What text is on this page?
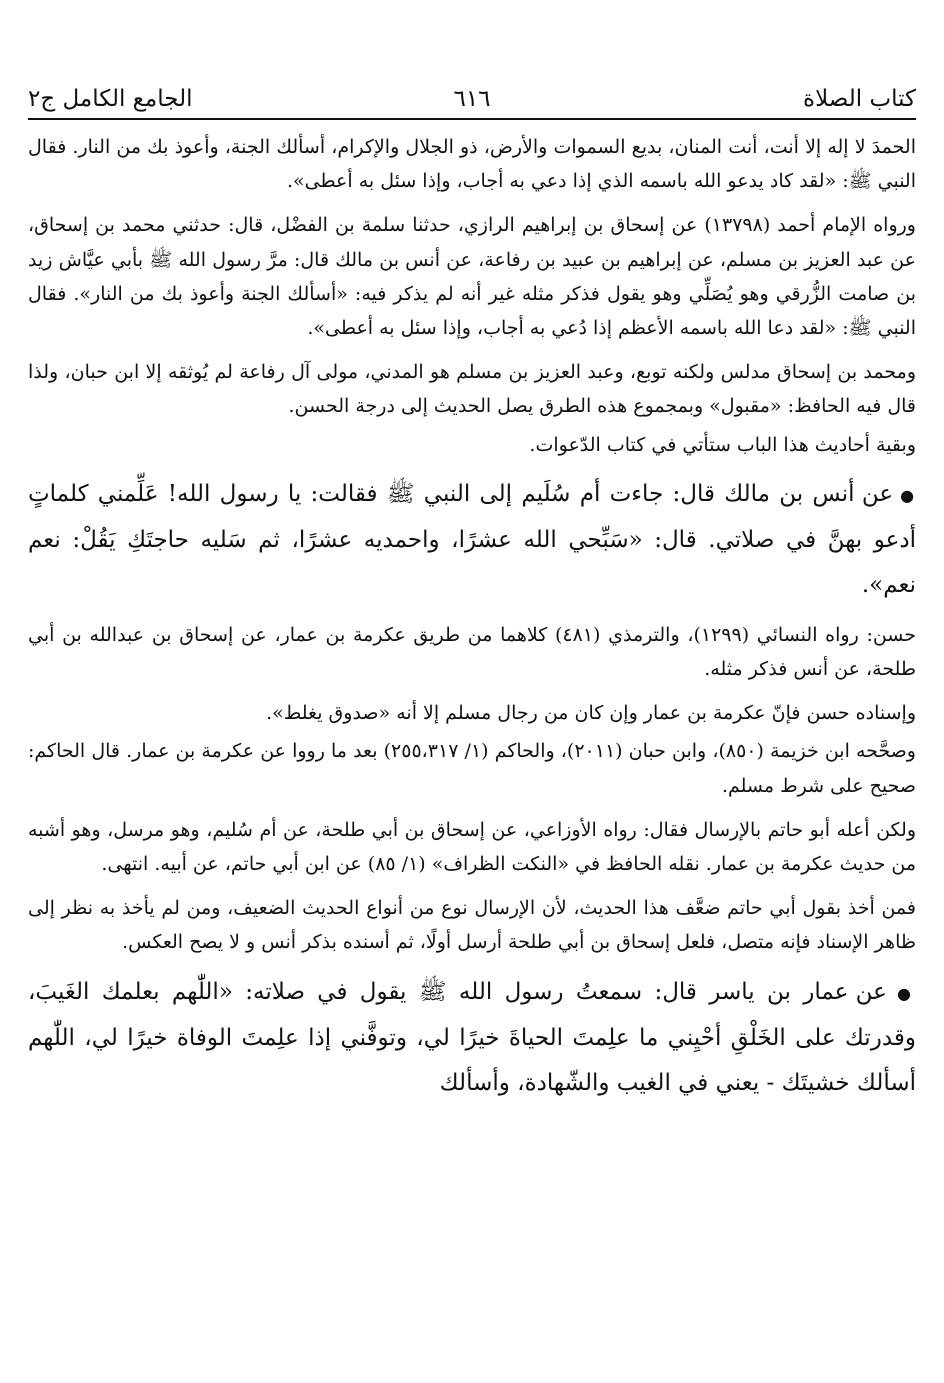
كتاب الصلاة
٦١٦
الجامع الكامل ج٢

الحمدَ لا إله إلا أنت، أنت المنان، بديع السموات والأرض، ذو الجلال والإكرام، أسألك الجنة، وأعوذ بك من النار. فقال النبي ﷺ: «لقد كاد يدعو الله باسمه الذي إذا دعي به أجاب، وإذا سئل به أعطى».

ورواه الإمام أحمد (١٣٧٩٨) عن إسحاق بن إبراهيم الرازي، حدثنا سلمة بن الفضْل، قال: حدثني محمد بن إسحاق، عن عبد العزيز بن مسلم، عن إبراهيم بن عبيد بن رفاعة، عن أنس بن مالك قال: مرَّ رسول الله ﷺ بأبي عيَّاش زيد بن صامت الزُّرقي وهو يُصَلِّي وهو يقول فذكر مثله غير أنه لم يذكر فيه: «أسألك الجنة وأعوذ بك من النار». فقال النبي ﷺ: «لقد دعا الله باسمه الأعظم إذا دُعي به أجاب، وإذا سئل به أعطى».

ومحمد بن إسحاق مدلس ولكنه توبع، وعبد العزيز بن مسلم هو المدني، مولى آل رفاعة لم يُوثقه إلا ابن حبان، ولذا قال فيه الحافظ: «مقبول» وبمجموع هذه الطرق يصل الحديث إلى درجة الحسن.

وبقية أحاديث هذا الباب ستأتي في كتاب الدّعوات.

● عن أنس بن مالك قال: جاءت أم سُلَيم إلى النبي ﷺ فقالت: يا رسول الله! عَلِّمني كلماتٍ أدعو بهنَّ في صلاتي. قال: «سَبِّحي الله عشرًا، واحمديه عشرًا، ثم سَليه حاجتَكِ يَقُلْ: نعم نعم».

حسن: رواه النسائي (١٢٩٩)، والترمذي (٤٨١) كلاهما من طريق عكرمة بن عمار، عن إسحاق بن عبدالله بن أبي طلحة، عن أنس فذكر مثله.

وإسناده حسن فإنّ عكرمة بن عمار وإن كان من رجال مسلم إلا أنه «صدوق يغلط».

وصحَّحه ابن خزيمة (٨٥٠)، وابن حبان (٢٠١١)، والحاكم (١/ ٢٥٥،٣١٧) بعد ما رووا عن عكرمة بن عمار. قال الحاكم: صحيح على شرط مسلم.

ولكن أعله أبو حاتم بالإرسال فقال: رواه الأوزاعي، عن إسحاق بن أبي طلحة، عن أم سُليم، وهو مرسل، وهو أشبه من حديث عكرمة بن عمار. نقله الحافظ في «النكت الظراف» (١/ ٨٥) عن ابن أبي حاتم، عن أبيه. انتهى.

فمن أخذ بقول أبي حاتم ضعَّف هذا الحديث، لأن الإرسال نوع من أنواع الحديث الضعيف، ومن لم يأخذ به نظر إلى ظاهر الإسناد فإنه متصل، فلعل إسحاق بن أبي طلحة أرسل أولًا، ثم أسنده بذكر أنس و لا يصح العكس.

● عن عمار بن ياسر قال: سمعتُ رسول الله ﷺ يقول في صلاته: «اللّٰهم بعلمك الغَيبَ، وقدرتك على الخَلْقِ أحْيِني ما علِمتَ الحياةَ خيرًا لي، وتوفَّني إذا علِمتَ الوفاة خيرًا لي، اللّٰهم أسألك خشيتَك - يعني في الغيب والشّهادة، وأسألك
